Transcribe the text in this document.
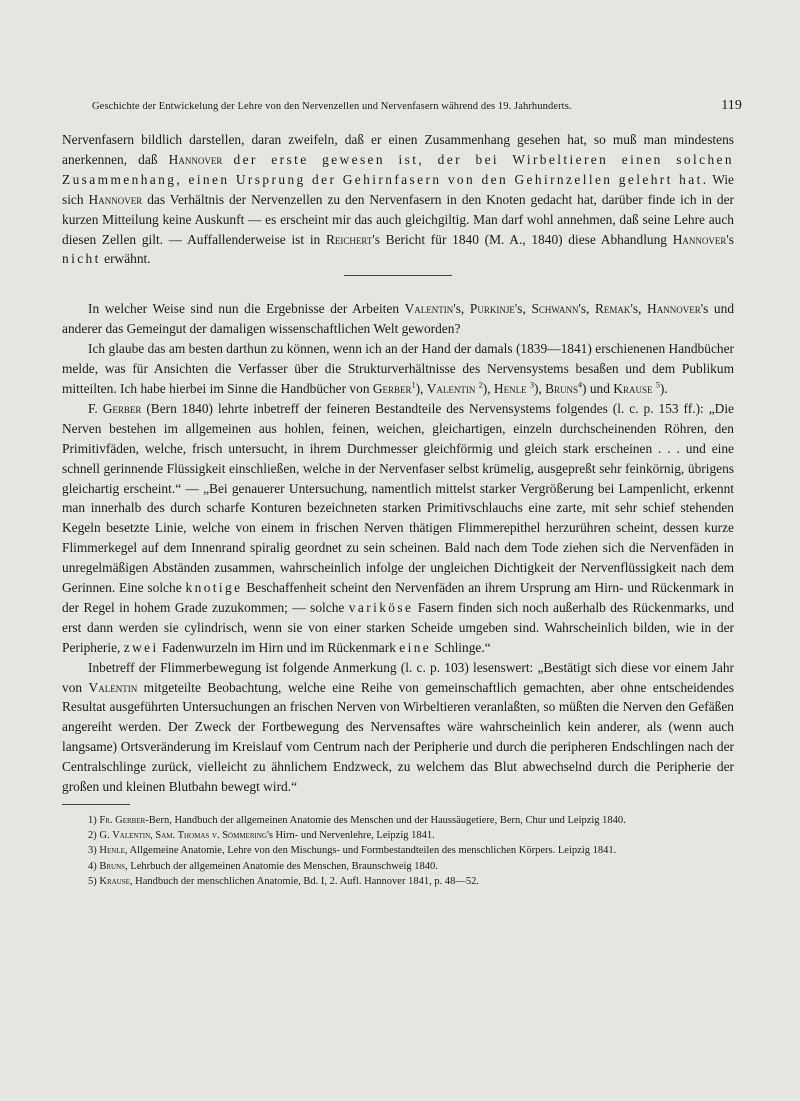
Geschichte der Entwickelung der Lehre von den Nervenzellen und Nervenfasern während des 19. Jahrhunderts.	119

Nervenfasern bildlich darstellen, daran zweifeln, daß er einen Zusammenhang gesehen hat, so muß man mindestens anerkennen, daß Hannover der erste gewesen ist, der bei Wirbeltieren einen solchen Zusammenhang, einen Ursprung der Gehirnfasern von den Gehirnzellen gelehrt hat. Wie sich Hannover das Verhältnis der Nervenzellen zu den Nervenfasern in den Knoten gedacht hat, darüber finde ich in der kurzen Mitteilung keine Auskunft — es erscheint mir das auch gleichgiltig. Man darf wohl annehmen, daß seine Lehre auch diesen Zellen gilt. — Auffallenderweise ist in Reichert's Bericht für 1840 (M. A., 1840) diese Abhandlung Hannover's nicht erwähnt.

In welcher Weise sind nun die Ergebnisse der Arbeiten Valentin's, Purkinje's, Schwann's, Remak's, Hannover's und anderer das Gemeingut der damaligen wissenschaftlichen Welt geworden?

Ich glaube das am besten darthun zu können, wenn ich an der Hand der damals (1839—1841) erschienenen Handbücher melde, was für Ansichten die Verfasser über die Strukturverhältnisse des Nervensystems besaßen und dem Publikum mitteilten. Ich habe hierbei im Sinne die Handbücher von Gerber$^1$), Valentin $^2$), Henle $^3$), Bruns$^4$) und Krause $^5$).

F. Gerber (Bern 1840) lehrte inbetreff der feineren Bestandteile des Nervensystems folgendes (l. c. p. 153 ff.): „Die Nerven bestehen im allgemeinen aus hohlen, feinen, weichen, gleichartigen, einzeln durchscheinenden Röhren, den Primitivfäden, welche, frisch untersucht, in ihrem Durchmesser gleichförmig und gleich stark erscheinen . . . und eine schnell gerinnende Flüssigkeit einschließen, welche in der Nervenfaser selbst krümelig, ausgepreßt sehr feinkörnig, übrigens gleichartig erscheint.“ — „Bei genauerer Untersuchung, namentlich mittelst starker Vergrößerung bei Lampenlicht, erkennt man innerhalb des durch scharfe Konturen bezeichneten starken Primitivschlauchs eine zarte, mit sehr schief stehenden Kegeln besetzte Linie, welche von einem in frischen Nerven thätigen Flimmerepithel herzurühren scheint, dessen kurze Flimmerkegel auf dem Innenrand spiralig geordnet zu sein scheinen. Bald nach dem Tode ziehen sich die Nervenfäden in unregelmäßigen Abständen zusammen, wahrscheinlich infolge der ungleichen Dichtigkeit der Nervenflüssigkeit nach dem Gerinnen. Eine solche knotige Beschaffenheit scheint den Nervenfäden an ihrem Ursprung am Hirn- und Rückenmark in der Regel in hohem Grade zuzukommen; — solche variköse Fasern finden sich noch außerhalb des Rückenmarks, und erst dann werden sie cylindrisch, wenn sie von einer starken Scheide umgeben sind. Wahrscheinlich bilden, wie in der Peripherie, zwei Fadenwurzeln im Hirn und im Rückenmark eine Schlinge.“

Inbetreff der Flimmerbewegung ist folgende Anmerkung (l. c. p. 103) lesenswert: „Bestätigt sich diese vor einem Jahr von Valentin mitgeteilte Beobachtung, welche eine Reihe von gemeinschaftlich gemachten, aber ohne entscheidendes Resultat ausgeführten Untersuchungen an frischen Nerven von Wirbeltieren veranlaßten, so müßten die Nerven den Gefäßen angereiht werden. Der Zweck der Fortbewegung des Nervensaftes wäre wahrscheinlich kein anderer, als (wenn auch langsame) Ortsveränderung im Kreislauf vom Centrum nach der Peripherie und durch die peripheren Endschlingen nach der Centralschlinge zurück, vielleicht zu ähnlichem Endzweck, zu welchem das Blut abwechselnd durch die Peripherie der großen und kleinen Blutbahn bewegt wird.“

1) Fr. Gerber-Bern, Handbuch der allgemeinen Anatomie des Menschen und der Haussäugetiere, Bern, Chur und Leipzig 1840.

2) G. Valentin, Sam. Thomas v. Sömmering's Hirn- und Nervenlehre, Leipzig 1841.

3) Henle, Allgemeine Anatomie, Lehre von den Mischungs- und Formbestandteilen des menschlichen Körpers. Leipzig 1841.

4) Bruns, Lehrbuch der allgemeinen Anatomie des Menschen, Braunschweig 1840.

5) Krause, Handbuch der menschlichen Anatomie, Bd. I, 2. Aufl. Hannover 1841, p. 48—52.
